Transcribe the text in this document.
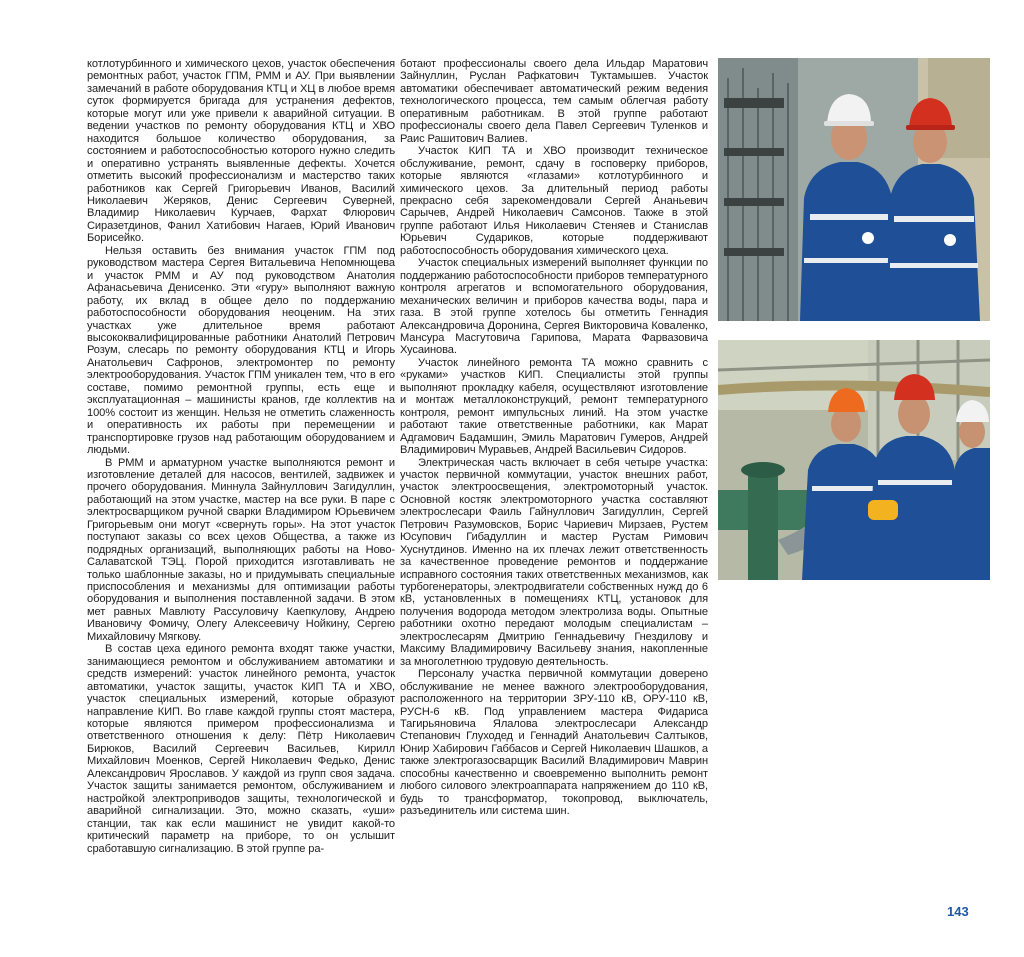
котлотурбинного и химического цехов, участок обеспечения ремонтных работ, участок ГПМ, РММ и АУ. При выявлении замечаний в работе оборудования КТЦ и ХЦ в любое время суток формируется бригада для устранения дефектов, которые могут или уже привели к аварийной ситуации. В ведении участков по ремонту оборудования КТЦ и ХВО находится большое количество оборудования, за состоянием и работоспособностью которого нужно следить и оперативно устранять выявленные дефекты. Хочется отметить высокий профессионализм и мастерство таких работников как Сергей Григорьевич Иванов, Василий Николаевич Жеряков, Денис Сергеевич Суверней, Владимир Николаевич Курчаев, Фархат Флюрович Сиразетдинов, Фанил Хатибович Нагаев, Юрий Иванович Борисейко.

Нельзя оставить без внимания участок ГПМ под руководством мастера Сергея Витальевича Непомнющева и участок РММ и АУ под руководством Анатолия Афанасьевича Денисенко. Эти «гуру» выполняют важную работу, их вклад в общее дело по поддержанию работоспособности оборудования неоценим. На этих участках уже длительное время работают высококвалифицированные работники Анатолий Петрович Розум, слесарь по ремонту оборудования КТЦ и Игорь Анатольевич Сафронов, электромонтер по ремонту электрооборудования. Участок ГПМ уникален тем, что в его составе, помимо ремонтной группы, есть еще и эксплуатационная – машинисты кранов, где коллектив на 100% состоит из женщин. Нельзя не отметить слаженность и оперативность их работы при перемещении и транспортировке грузов над работающим оборудованием и людьми.

В РММ и арматурном участке выполняются ремонт и изготовление деталей для насосов, вентилей, задвижек и прочего оборудования. Миннула Зайнуллович Загидуллин, работающий на этом участке, мастер на все руки. В паре с электросварщиком ручной сварки Владимиром Юрьевичем Григорьевым они могут «свернуть горы». На этот участок поступают заказы со всех цехов Общества, а также из подрядных организаций, выполняющих работы на Ново-Салаватской ТЭЦ. Порой приходится изготавливать не только шаблонные заказы, но и придумывать специальные приспособления и механизмы для оптимизации работы оборудования и выполнения поставленной задачи. В этом мет равных Мавлюту Рассуловичу Каепкулову, Андрею Ивановичу Фомичу, Олегу Алексеевичу Нойкину, Сергею Михайловичу Мягкову.

В состав цеха единого ремонта входят также участки, занимающиеся ремонтом и обслуживанием автоматики и средств измерений: участок линейного ремонта, участок автоматики, участок защиты, участок КИП ТА и ХВО, участок специальных измерений, которые образуют направление КИП. Во главе каждой группы стоят мастера, которые являются примером профессионализма и ответственного отношения к делу: Пётр Николаевич Бирюков, Василий Сергеевич Васильев, Кирилл Михайлович Моенков, Сергей Николаевич Федько, Денис Александрович Ярославов. У каждой из групп своя задача. Участок защиты занимается ремонтом, обслуживанием и настройкой электроприводов защиты, технологической и аварийной сигнализации. Это, можно сказать, «уши» станции, так как если машинист не увидит какой-то критический параметр на приборе, то он услышит сработавшую сигнализацию. В этой группе ра-

ботают профессионалы своего дела Ильдар Маратович Зайнуллин, Руслан Рафкатович Туктамышев. Участок автоматики обеспечивает автоматический режим ведения технологического процесса, тем самым облегчая работу оперативным работникам. В этой группе работают профессионалы своего дела Павел Сергеевич Туленков и Раис Рашитович Валиев.

Участок КИП ТА и ХВО производит техническое обслуживание, ремонт, сдачу в госповерку приборов, которые являются «глазами» котлотурбинного и химического цехов. За длительный период работы прекрасно себя зарекомендовали Сергей Ананьевич Сарычев, Андрей Николаевич Самсонов. Также в этой группе работают Илья Николаевич Стеняев и Станислав Юрьевич Судариков, которые поддерживают работоспособность оборудования химического цеха.

Участок специальных измерений выполняет функции по поддержанию работоспособности приборов температурного контроля агрегатов и вспомогательного оборудования, механических величин и приборов качества воды, пара и газа. В этой группе хотелось бы отметить Геннадия Александровича Доронина, Сергея Викторовича Коваленко, Мансура Масгутовича Гарипова, Марата Фарвазовича Хусаинова.

Участок линейного ремонта ТА можно сравнить с «руками» участков КИП. Специалисты этой группы выполняют прокладку кабеля, осуществляют изготовление и монтаж металлоконструкций, ремонт температурного контроля, ремонт импульсных линий. На этом участке работают такие ответственные работники, как Марат Адгамович Бадамшин, Эмиль Маратович Гумеров, Андрей Владимирович Муравьев, Андрей Васильевич Сидоров.

Электрическая часть включает в себя четыре участка: участок первичной коммутации, участок внешних работ, участок электроосвещения, электромоторный участок. Основной костяк электромоторного участка составляют электрослесари Фаиль Гайнуллович Загидуллин, Сергей Петрович Разумовсков, Борис Чариевич Мирзаев, Рустем Юсупович Гибадуллин и мастер Рустам Римович Хуснутдинов. Именно на их плечах лежит ответственность за качественное проведение ремонтов и поддержание исправного состояния таких ответственных механизмов, как турбогенераторы, электродвигатели собственных нужд до 6 кВ, установленных в помещениях КТЦ, установок для получения водорода методом электролиза воды. Опытные работники охотно передают молодым специалистам – электрослесарям Дмитрию Геннадьевичу Гнездилову и Максиму Владимировичу Васильеву знания, накопленные за многолетнюю трудовую деятельность.

Персоналу участка первичной коммутации доверено обслуживание не менее важного электрооборудования, расположенного на территории ЗРУ-110 кВ, ОРУ-110 кВ, РУСН-6 кВ. Под управлением мастера Фидариса Тагирьяновича Ялалова электрослесари Александр Степанович Глуходед и Геннадий Анатольевич Салтыков, Юнир Хабирович Габбасов и Сергей Николаевич Шашков, а также электрогазосварщик Василий Владимирович Маврин способны качественно и своевременно выполнить ремонт любого силового электроаппарата напряжением до 110 кВ, будь то трансформатор, токопровод, выключатель, разъединитель или система шин.

143
